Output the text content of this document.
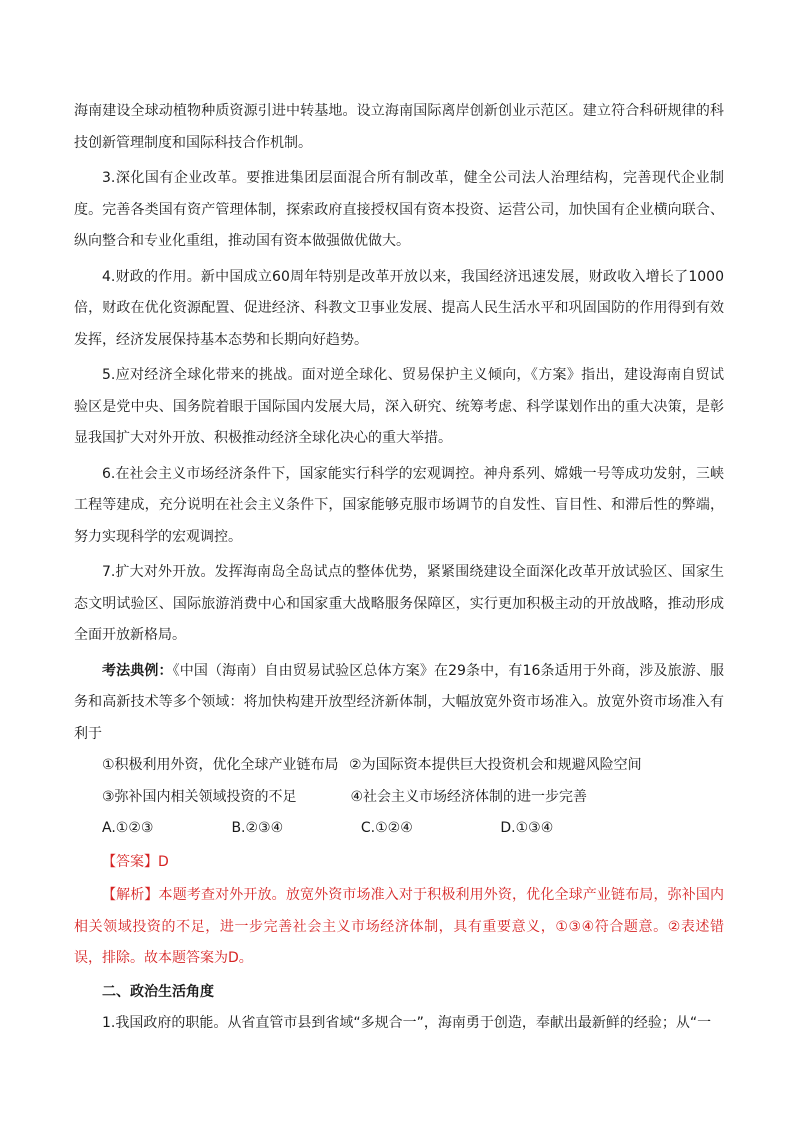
海南建设全球动植物种质资源引进中转基地。设立海南国际离岸创新创业示范区。建立符合科研规律的科技创新管理制度和国际科技合作机制。

3.深化国有企业改革。要推进集团层面混合所有制改革，健全公司法人治理结构，完善现代企业制度。完善各类国有资产管理体制，探索政府直接授权国有资本投资、运营公司，加快国有企业横向联合、纵向整合和专业化重组，推动国有资本做强做优做大。

4.财政的作用。新中国成立60周年特别是改革开放以来，我国经济迅速发展，财政收入增长了1000倍，财政在优化资源配置、促进经济、科教文卫事业发展、提高人民生活水平和巩固国防的作用得到有效发挥，经济发展保持基本态势和长期向好趋势。

5.应对经济全球化带来的挑战。面对逆全球化、贸易保护主义倾向，《方案》指出，建设海南自贸试验区是党中央、国务院着眼于国际国内发展大局，深入研究、统筹考虑、科学谋划作出的重大决策，是彰显我国扩大对外开放、积极推动经济全球化决心的重大举措。

6.在社会主义市场经济条件下，国家能实行科学的宏观调控。神舟系列、嫦娥一号等成功发射，三峡工程等建成，充分说明在社会主义条件下，国家能够克服市场调节的自发性、盲目性、和滞后性的弊端，努力实现科学的宏观调控。

7.扩大对外开放。发挥海南岛全岛试点的整体优势，紧紧围绕建设全面深化改革开放试验区、国家生态文明试验区、国际旅游消费中心和国家重大战略服务保障区，实行更加积极主动的开放战略，推动形成全面开放新格局。

考法典例：《中国（海南）自由贸易试验区总体方案》在29条中，有16条适用于外商，涉及旅游、服务和高新技术等多个领域：将加快构建开放型经济新体制，大幅放宽外资市场准入。放宽外资市场准入有利于

①积极利用外资，优化全球产业链布局 ②为国际资本提供巨大投资机会和规避风险空间
③弥补国内相关领域投资的不足	④社会主义市场经济体制的进一步完善
A.①②③	B.②③④	C.①②④	D.①③④

【答案】D

【解析】本题考查对外开放。放宽外资市场准入对于积极利用外资，优化全球产业链布局，弥补国内相关领域投资的不足，进一步完善社会主义市场经济体制，具有重要意义，①③④符合题意。②表述错误，排除。故本题答案为D。

二、政治生活角度

1.我国政府的职能。从省直管市县到省域“多规合一”，海南勇于创造，奉献出最新鲜的经验；从“一
